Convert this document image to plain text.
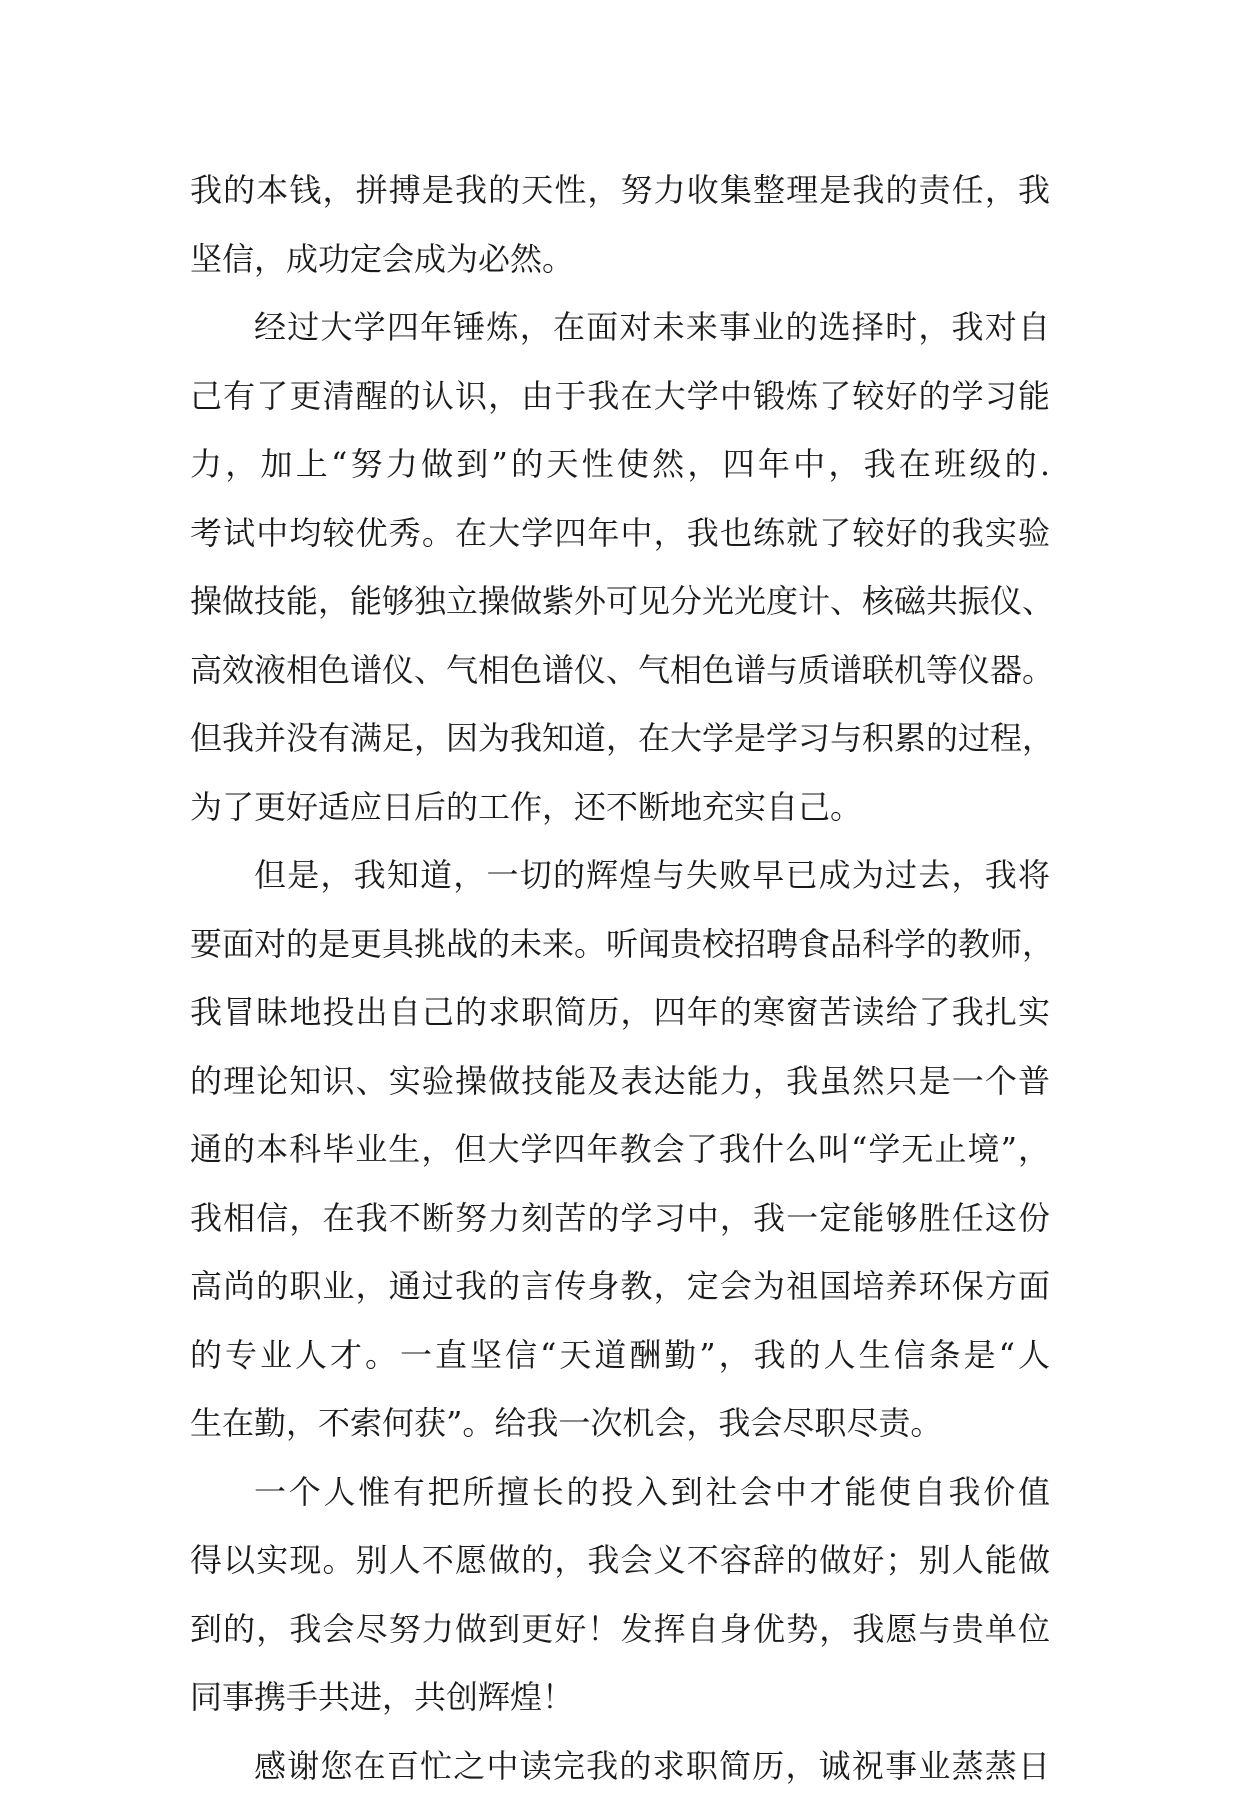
我的本钱，拼搏是我的天性，努力收集整理是我的责任，我
坚信，成功定会成为必然。
经过大学四年锤炼，在面对未来事业的选择时，我对自
己有了更清醒的认识，由于我在大学中锻炼了较好的学习能
力，加上“努力做到”的天性使然，四年中，我在班级的.
考试中均较优秀。在大学四年中，我也练就了较好的我实验
操做技能，能够独立操做紫外可见分光光度计、核磁共振仪、
高效液相色谱仪、气相色谱仪、气相色谱与质谱联机等仪器。
但我并没有满足，因为我知道，在大学是学习与积累的过程，
为了更好适应日后的工作，还不断地充实自己。
但是，我知道，一切的辉煌与失败早已成为过去，我将
要面对的是更具挑战的未来。听闻贵校招聘食品科学的教师，
我冒昧地投出自己的求职简历，四年的寒窗苦读给了我扎实
的理论知识、实验操做技能及表达能力，我虽然只是一个普
通的本科毕业生，但大学四年教会了我什么叫“学无止境”，
我相信，在我不断努力刻苦的学习中，我一定能够胜任这份
高尚的职业，通过我的言传身教，定会为祖国培养环保方面
的专业人才。一直坚信“天道酬勤”，我的人生信条是“人
生在勤，不索何获”。给我一次机会，我会尽职尽责。
一个人惟有把所擅长的投入到社会中才能使自我价值
得以实现。别人不愿做的，我会义不容辞的做好；别人能做
到的，我会尽努力做到更好！发挥自身优势，我愿与贵单位
同事携手共进，共创辉煌！
感谢您在百忙之中读完我的求职简历，诚祝事业蒸蒸日
